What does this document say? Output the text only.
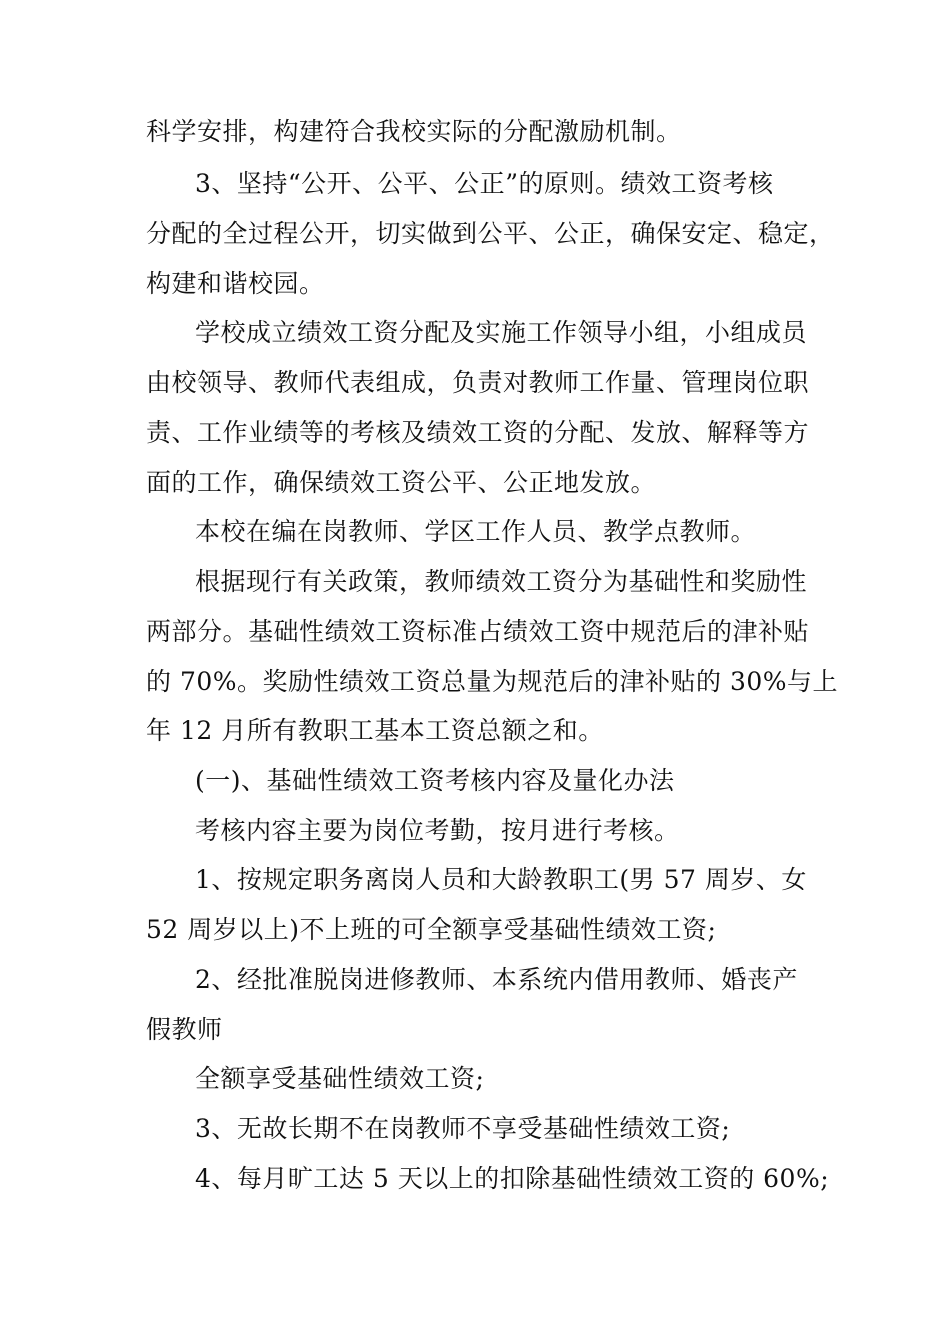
科学安排，构建符合我校实际的分配激励机制。
3、坚持“公开、公平、公正”的原则。绩效工资考核
分配的全过程公开，切实做到公平、公正，确保安定、稳定，
构建和谐校园。
学校成立绩效工资分配及实施工作领导小组，小组成员
由校领导、教师代表组成，负责对教师工作量、管理岗位职
责、工作业绩等的考核及绩效工资的分配、发放、解释等方
面的工作，确保绩效工资公平、公正地发放。
本校在编在岗教师、学区工作人员、教学点教师。
根据现行有关政策，教师绩效工资分为基础性和奖励性
两部分。基础性绩效工资标准占绩效工资中规范后的津补贴
的 70%。奖励性绩效工资总量为规范后的津补贴的 30%与上
年 12 月所有教职工基本工资总额之和。
(一)、基础性绩效工资考核内容及量化办法
考核内容主要为岗位考勤，按月进行考核。
1、按规定职务离岗人员和大龄教职工(男 57 周岁、女
52 周岁以上)不上班的可全额享受基础性绩效工资;
2、经批准脱岗进修教师、本系统内借用教师、婚丧产
假教师
全额享受基础性绩效工资;
3、无故长期不在岗教师不享受基础性绩效工资;
4、每月旷工达 5 天以上的扣除基础性绩效工资的 60%;
